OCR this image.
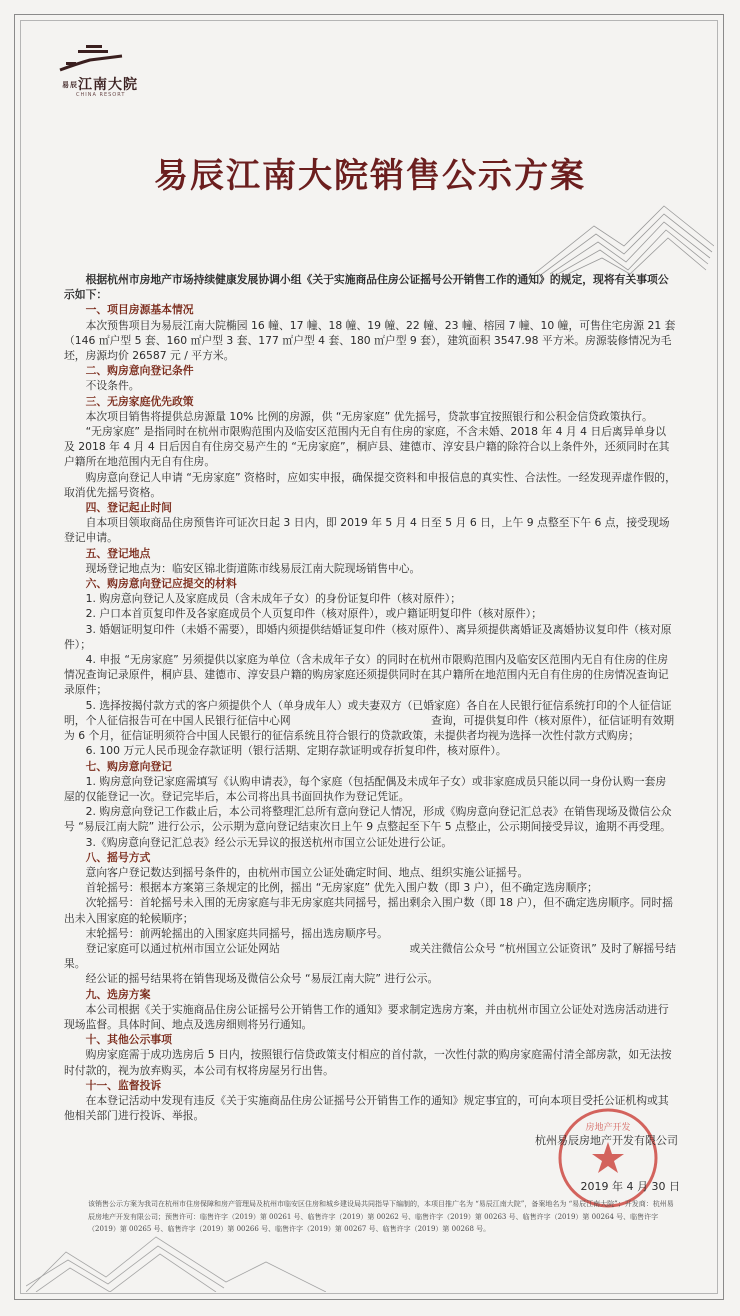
易辰江南大院
CHINA RESORT
易辰江南大院销售公示方案

根据杭州市房地产市场持续健康发展协调小组《关于实施商品住房公证摇号公开销售工作的通知》的规定，现将有关事项公示如下：

一、项目房源基本情况

本次预售项目为易辰江南大院椭园 16 幢、17 幢、18 幢、19 幢、22 幢、23 幢、榕园 7 幢、10 幢，可售住宅房源 21 套（146 ㎡户型 5 套、160 ㎡户型 3 套、177 ㎡户型 4 套、180 ㎡户型 9 套），建筑面积 3547.98 平方米。房源装修情况为毛坯，房源均价 26587 元 / 平方米。

二、购房意向登记条件

不设条件。

三、无房家庭优先政策

本次项目销售将提供总房源量 10% 比例的房源，供 “无房家庭” 优先摇号，贷款事宜按照银行和公积金信贷政策执行。

“无房家庭” 是指同时在杭州市限购范围内及临安区范围内无自有住房的家庭，不含未婚、2018 年 4 月 4 日后离异单身以及 2018 年 4 月 4 日后因自有住房交易产生的 “无房家庭”，桐庐县、建德市、淳安县户籍的除符合以上条件外，还须同时在其户籍所在地范围内无自有住房。

购房意向登记人申请 “无房家庭” 资格时，应如实申报，确保提交资料和申报信息的真实性、合法性。一经发现弄虚作假的，取消优先摇号资格。

四、登记起止时间

自本项目领取商品住房预售许可证次日起 3 日内，即 2019 年 5 月 4 日至 5 月 6 日，上午 9 点整至下午 6 点，接受现场登记申请。

五、登记地点

现场登记地点为：临安区锦北街道陈市线易辰江南大院现场销售中心。

六、购房意向登记应提交的材料

1. 购房意向登记人及家庭成员（含未成年子女）的身份证复印件（核对原件）；

2. 户口本首页复印件及各家庭成员个人页复印件（核对原件），或户籍证明复印件（核对原件）；

3. 婚姻证明复印件（未婚不需要），即婚内须提供结婚证复印件（核对原件）、离异须提供离婚证及离婚协议复印件（核对原件）；

4. 申报 “无房家庭” 另须提供以家庭为单位（含未成年子女）的同时在杭州市限购范围内及临安区范围内无自有住房的住房情况查询记录原件，桐庐县、建德市、淳安县户籍的购房家庭还须提供同时在其户籍所在地范围内无自有住房的住房情况查询记录原件；

5. 选择按揭付款方式的客户须提供个人（单身成年人）或夫妻双方（已婚家庭）各自在人民银行征信系统打印的个人征信证明，个人征信报告可在中国人民银行征信中心网　　　　　　　　　　　　　查询，可提供复印件（核对原件），征信证明有效期为 6 个月，征信证明须符合中国人民银行的征信系统且符合银行的贷款政策，未提供者均视为选择一次性付款方式购房；

6. 100 万元人民币现金存款证明（银行活期、定期存款证明或存折复印件，核对原件）。

七、购房意向登记

1. 购房意向登记家庭需填写《认购申请表》，每个家庭（包括配偶及未成年子女）或非家庭成员只能以同一身份认购一套房屋的仅能登记一次。登记完毕后，本公司将出具书面回执作为登记凭证。

2. 购房意向登记工作截止后，本公司将整理汇总所有意向登记人情况，形成《购房意向登记汇总表》在销售现场及微信公众号 “易辰江南大院” 进行公示，公示期为意向登记结束次日上午 9 点整起至下午 5 点整止，公示期间接受异议，逾期不再受理。

3.《购房意向登记汇总表》经公示无异议的报送杭州市国立公证处进行公证。

八、摇号方式

意向客户登记数达到摇号条件的，由杭州市国立公证处确定时间、地点、组织实施公证摇号。

首轮摇号：根据本方案第三条规定的比例，摇出 “无房家庭” 优先入围户数（即 3 户），但不确定选房顺序；

次轮摇号：首轮摇号未入围的无房家庭与非无房家庭共同摇号，摇出剩余入围户数（即 18 户），但不确定选房顺序。同时摇出未入围家庭的轮候顺序；

末轮摇号：前两轮摇出的入围家庭共同摇号，摇出选房顺序号。

登记家庭可以通过杭州市国立公证处网站　　　　　　　　　　　　或关注微信公众号 “杭州国立公证资讯” 及时了解摇号结果。

经公证的摇号结果将在销售现场及微信公众号 “易辰江南大院” 进行公示。

九、选房方案

本公司根据《关于实施商品住房公证摇号公开销售工作的通知》要求制定选房方案，并由杭州市国立公证处对选房活动进行现场监督。具体时间、地点及选房细则将另行通知。

十、其他公示事项

购房家庭需于成功选房后 5 日内，按照银行信贷政策支付相应的首付款，一次性付款的购房家庭需付清全部房款，如无法按时付款的，视为放弃购买，本公司有权将房屋另行出售。

十一、监督投诉

在本登记活动中发现有违反《关于实施商品住房公证摇号公开销售工作的通知》规定事宜的，可向本项目受托公证机构或其他相关部门进行投诉、举报。

房地产开发
杭州易辰房地产开发有限公司
2019 年 4 月 30 日
该销售公示方案为我司在杭州市住房保障和房产管理局及杭州市临安区住房和城乡建设局共同指导下编制的，本项目推广名为 “易辰江南大院”，备案地名为 “易辰江南大院”；开发商：杭州易辰房地产开发有限公司；预售许可：临售许字（2019）第 00261 号、临售许字（2019）第 00262 号、临售许字（2019）第 00263 号、临售许字（2019）第 00264 号、临售许字（2019）第 00265 号、临售许字（2019）第 00266 号、临售许字（2019）第 00267 号、临售许字（2019）第 00268 号。
